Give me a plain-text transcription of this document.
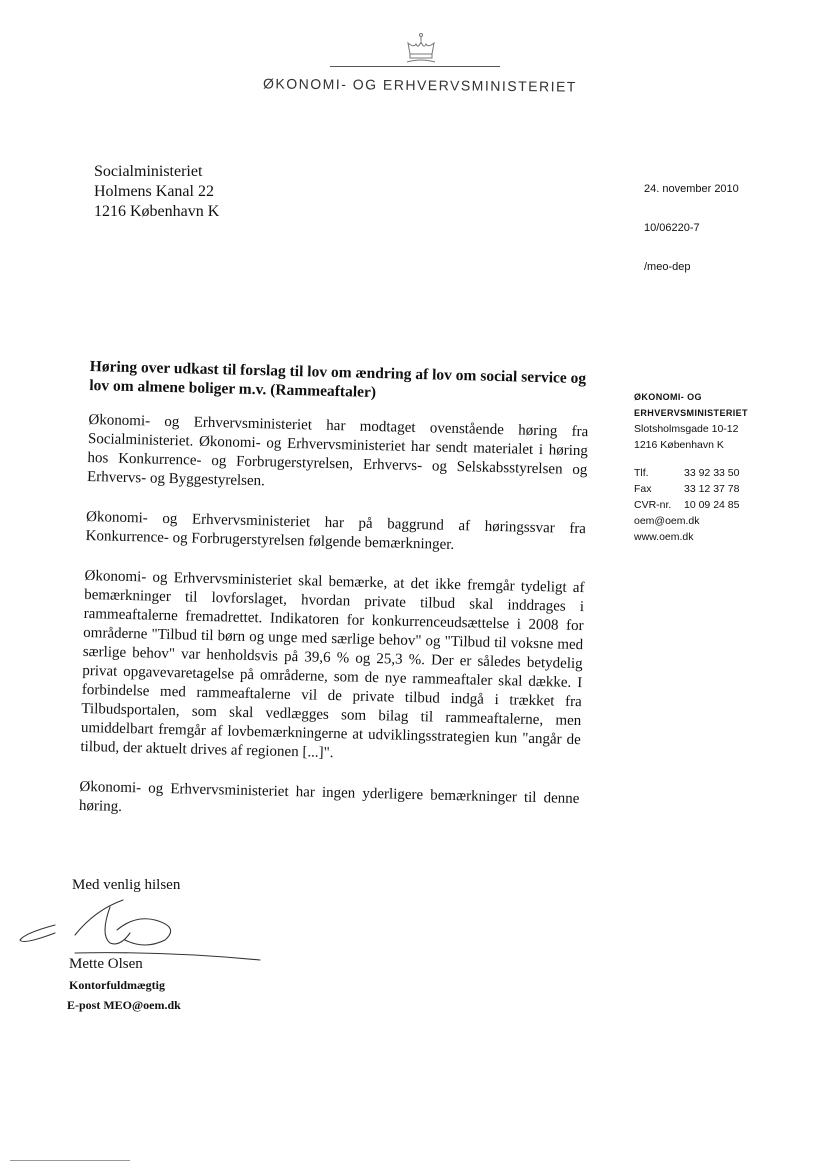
ØKONOMI- OG ERHVERVSMINISTERIET
Socialministeriet
Holmens Kanal 22
1216 København K
24. november 2010
10/06220-7
/meo-dep
ØKONOMI- OG
ERHVERVSMINISTERIET
Slotsholmsgade 10-12
1216 København K
Tlf.	33 92 33 50
Fax	33 12 37 78
CVR-nr.	10 09 24 85
oem@oem.dk
www.oem.dk
Høring over udkast til forslag til lov om ændring af lov om social service og lov om almene boliger m.v. (Rammeaftaler)

Økonomi- og Erhvervsministeriet har modtaget ovenstående høring fra Socialministeriet. Økonomi- og Erhvervsministeriet har sendt materialet i høring hos Konkurrence- og Forbrugerstyrelsen, Erhvervs- og Selskabsstyrelsen og Erhvervs- og Byggestyrelsen.

Økonomi- og Erhvervsministeriet har på baggrund af høringssvar fra Konkurrence- og Forbrugerstyrelsen følgende bemærkninger.

Økonomi- og Erhvervsministeriet skal bemærke, at det ikke fremgår tydeligt af bemærkninger til lovforslaget, hvordan private tilbud skal inddrages i rammeaftalerne fremadrettet. Indikatoren for konkurrenceudsættelse i 2008 for områderne "Tilbud til børn og unge med særlige behov" og "Tilbud til voksne med særlige behov" var henholdsvis på 39,6 % og 25,3 %. Der er således betydelig privat opgavevaretagelse på områderne, som de nye rammeaftaler skal dække. I forbindelse med rammeaftalerne vil de private tilbud indgå i trækket fra Tilbudsportalen, som skal vedlægges som bilag til rammeaftalerne, men umiddelbart fremgår af lovbemærkningerne at udviklingsstrategien kun "angår de tilbud, der aktuelt drives af regionen [...]".

Økonomi- og Erhvervsministeriet har ingen yderligere bemærkninger til denne høring.

Med venlig hilsen
Mette Olsen
Kontorfuldmægtig
E-post MEO@oem.dk
